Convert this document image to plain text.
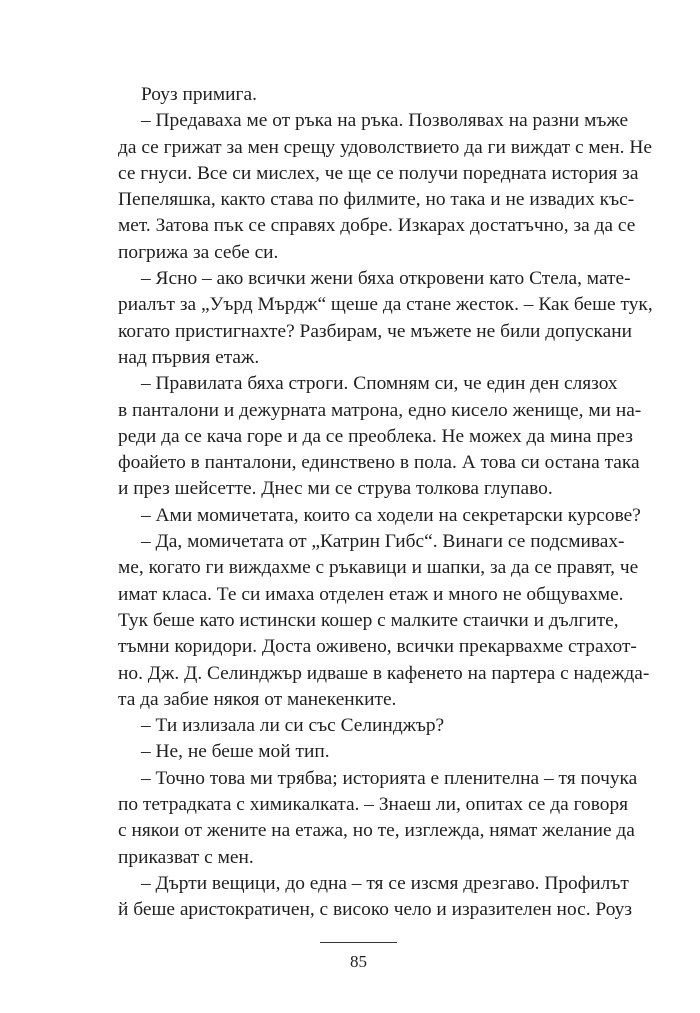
Роуз примига.
– Предаваха ме от ръка на ръка. Позволявах на разни мъже
да се грижат за мен срещу удоволствието да ги виждат с мен. Не
се гнуси. Все си мислех, че ще се получи поредната история за
Пепеляшка, както става по филмите, но така и не извадих къс-
мет. Затова пък се справях добре. Изкарах достатъчно, за да се
погрижа за себе си.
– Ясно – ако всички жени бяха откровени като Стела, мате-
риалът за „Уърд Мърдж“ щеше да стане жесток. – Как беше тук,
когато пристигнахте? Разбирам, че мъжете не били допускани
над първия етаж.
– Правилата бяха строги. Спомням си, че един ден слязох
в панталони и дежурната матрона, едно кисело женище, ми на-
реди да се кача горе и да се преоблека. Не можех да мина през
фоайето в панталони, единствено в пола. А това си остана така
и през шейсетте. Днес ми се струва толкова глупаво.
– Ами момичетата, които са ходели на секретарски курсове?
– Да, момичетата от „Катрин Гибс“. Винаги се подсмивах-
ме, когато ги виждахме с ръкавици и шапки, за да се правят, че
имат класа. Те си имаха отделен етаж и много не общувахме.
Тук беше като истински кошер с малките стаички и дългите,
тъмни коридори. Доста оживено, всички прекарвахме страхот-
но. Дж. Д. Селинджър идваше в кафенето на партера с надежда-
та да забие някоя от манекенките.
– Ти излизала ли си със Селинджър?
– Не, не беше мой тип.
– Точно това ми трябва; историята е пленителна – тя почука
по тетрадката с химикалката. – Знаеш ли, опитах се да говоря
с някои от жените на етажа, но те, изглежда, нямат желание да
приказват с мен.
– Дърти вещици, до една – тя се изсмя дрезгаво. Профилът
й беше аристократичен, с високо чело и изразителен нос. Роуз
85
